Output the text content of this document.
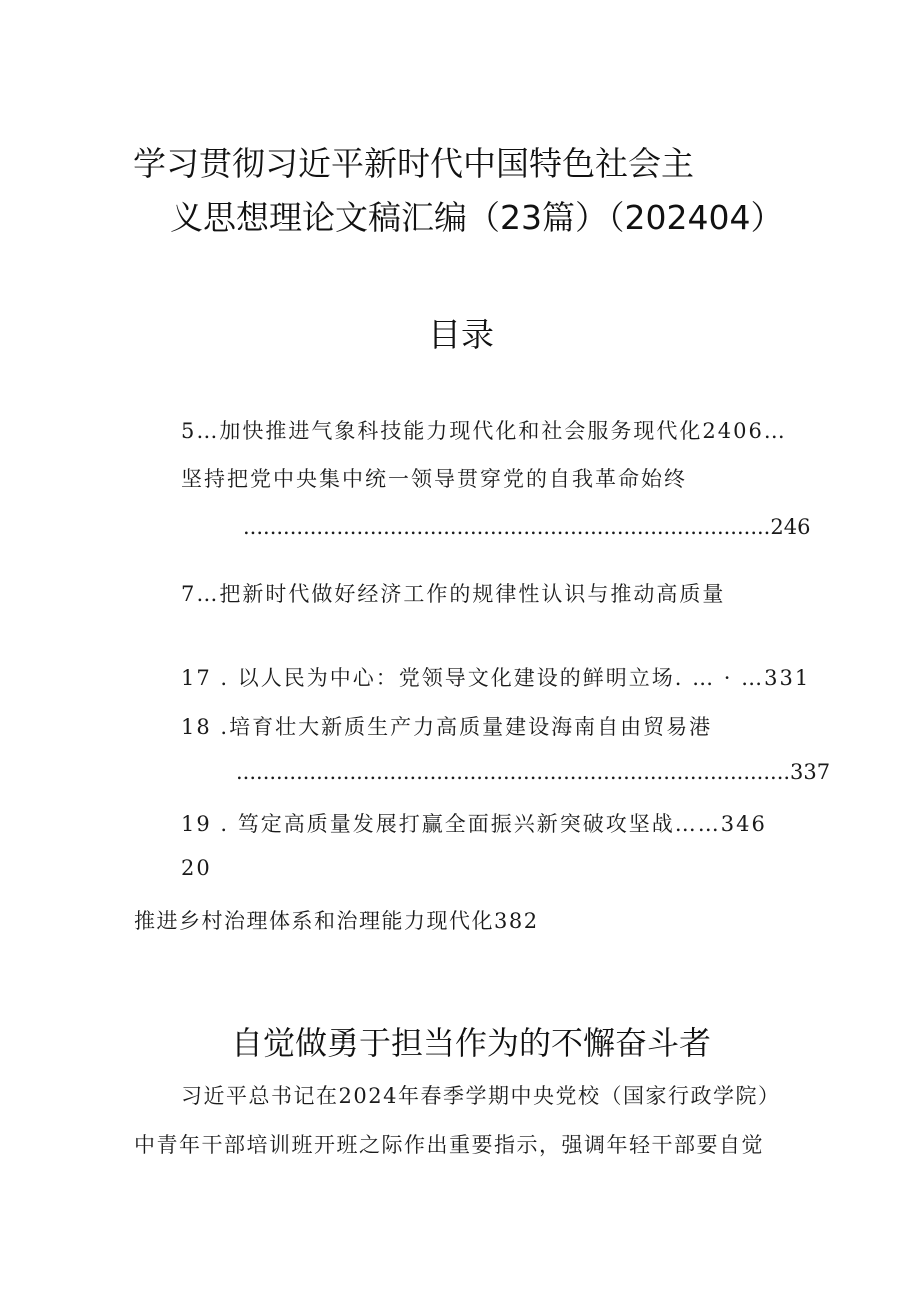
学习贯彻习近平新时代中国特色社会主
义思想理论文稿汇编（23篇）（202404）
目录
5…加快推进气象科技能力现代化和社会服务现代化2406…
坚持把党中央集中统一领导贯穿党的自我革命始终
...............................................................................246
7…把新时代做好经济工作的规律性认识与推动高质量
17 . 以人民为中心：党领导文化建设的鲜明立场. … · …331
18 .培育壮大新质生产力高质量建设海南自由贸易港
...................................................................................337
19 . 笃定高质量发展打赢全面振兴新突破攻坚战……346
20
推进乡村治理体系和治理能力现代化382
自觉做勇于担当作为的不懈奋斗者
习近平总书记在2024年春季学期中央党校（国家行政学院）
中青年干部培训班开班之际作出重要指示，强调年轻干部要自觉
